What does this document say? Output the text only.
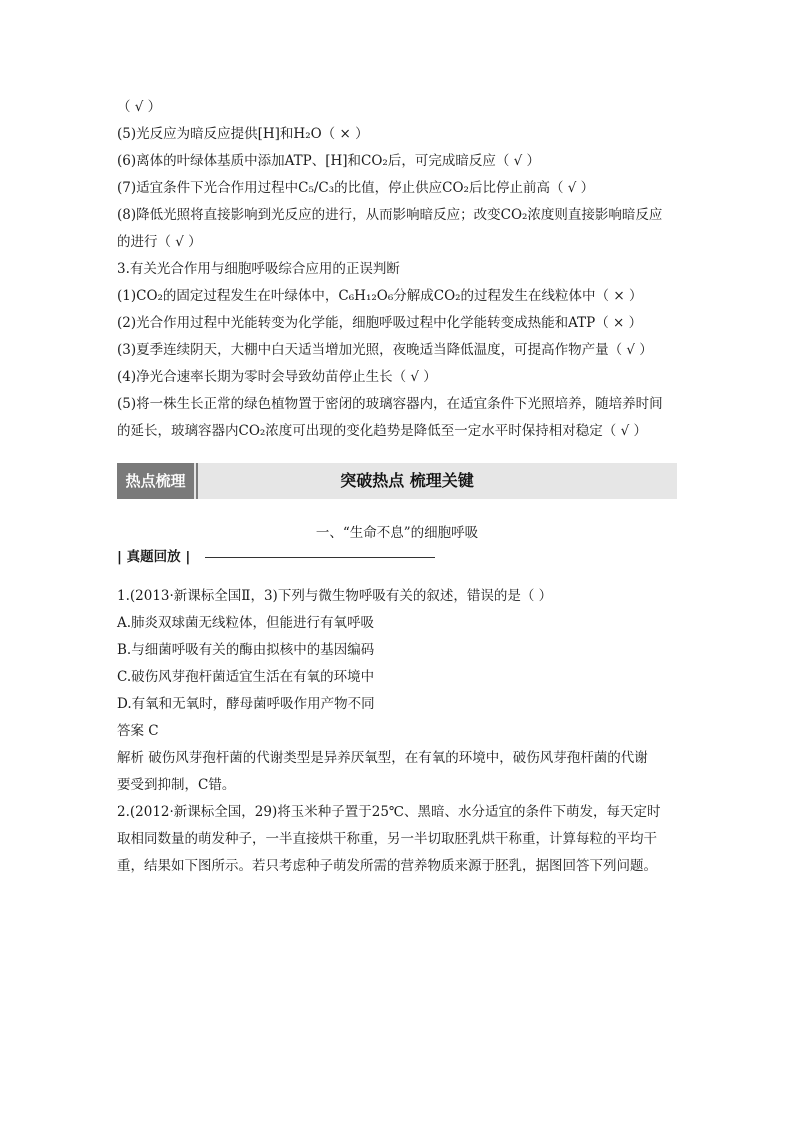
（ √ ）
(5)光反应为暗反应提供[H]和H₂O（ × ）
(6)离体的叶绿体基质中添加ATP、[H]和CO₂后，可完成暗反应（ √ ）
(7)适宜条件下光合作用过程中C₅/C₃的比值，停止供应CO₂后比停止前高（ √ ）
(8)降低光照将直接影响到光反应的进行，从而影响暗反应；改变CO₂浓度则直接影响暗反应
的进行（ √ ）
3.有关光合作用与细胞呼吸综合应用的正误判断
(1)CO₂的固定过程发生在叶绿体中，C₆H₁₂O₆分解成CO₂的过程发生在线粒体中（ × ）
(2)光合作用过程中光能转变为化学能，细胞呼吸过程中化学能转变成热能和ATP（ × ）
(3)夏季连续阴天，大棚中白天适当增加光照，夜晚适当降低温度，可提高作物产量（ √ ）
(4)净光合速率长期为零时会导致幼苗停止生长（ √ ）
(5)将一株生长正常的绿色植物置于密闭的玻璃容器内，在适宜条件下光照培养，随培养时间
的延长，玻璃容器内CO₂浓度可出现的变化趋势是降低至一定水平时保持相对稳定（ √ ）
突破热点 梳理关键
热点梳理
一、“生命不息”的细胞呼吸
| 真题回放 |
1.(2013·新课标全国Ⅱ，3)下列与微生物呼吸有关的叙述，错误的是（ ）
A.肺炎双球菌无线粒体，但能进行有氧呼吸
B.与细菌呼吸有关的酶由拟核中的基因编码
C.破伤风芽孢杆菌适宜生活在有氧的环境中
D.有氧和无氧时，酵母菌呼吸作用产物不同
答案 C
解析 破伤风芽孢杆菌的代谢类型是异养厌氧型，在有氧的环境中，破伤风芽孢杆菌的代谢
要受到抑制，C错。
2.(2012·新课标全国，29)将玉米种子置于25℃、黑暗、水分适宜的条件下萌发，每天定时
取相同数量的萌发种子，一半直接烘干称重，另一半切取胚乳烘干称重，计算每粒的平均干
重，结果如下图所示。若只考虑种子萌发所需的营养物质来源于胚乳，据图回答下列问题。
